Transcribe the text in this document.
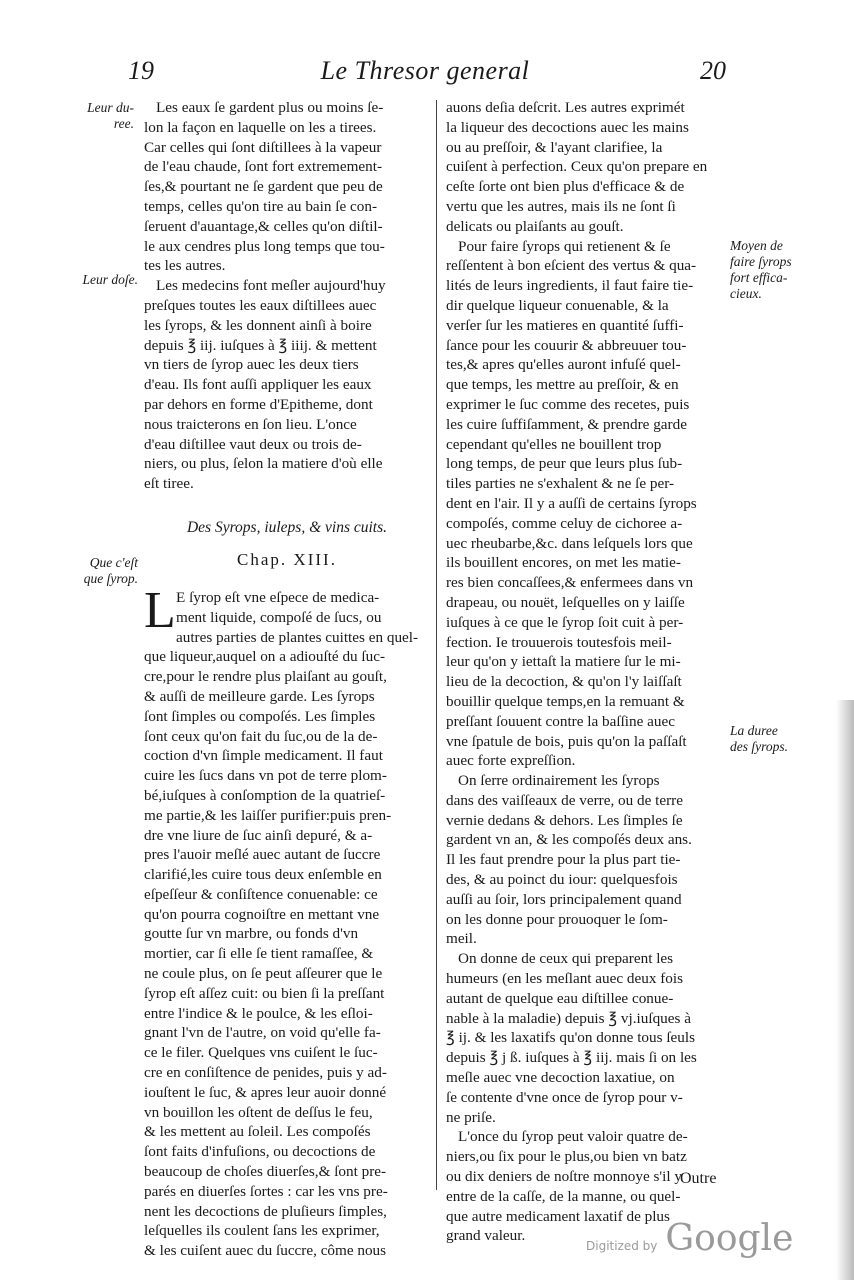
19	Le Thresor general	20
Les eaux ſe gardent plus ou moins ſe-
lon la façon en laquelle on les a tirees.
Car celles qui ſont diſtillees à la vapeur
de l'eau chaude, ſont fort extremement-
ſes,& pourtant ne ſe gardent que peu de
temps, celles qu'on tire au bain ſe con-
ſeruent d'auantage,& celles qu'on diſtil-
le aux cendres plus long temps que tou-
tes les autres.
Les medecins font meſler aujourd'huy
preſques toutes les eaux diſtillees auec
les ſyrops, & les donnent ainſi à boire
depuis ℥ iij. iuſques à ℥ iiij. & mettent
vn tiers de ſyrop auec les deux tiers
d'eau. Ils font auſſi appliquer les eaux
par dehors en forme d'Epitheme, dont
nous traicterons en ſon lieu. L'once
d'eau diſtillee vaut deux ou trois de-
niers, ou plus, ſelon la matiere d'où elle
eſt tiree.
Des Syrops, iuleps, & vins cuits.
Chap. XIII.
L E ſyrop eſt vne eſpece de medica-
ment liquide, compoſé de ſucs, ou
autres parties de plantes cuittes en quel-
que liqueur,auquel on a adiouſté du ſuc-
cre,pour le rendre plus plaiſant au gouſt,
& auſſi de meilleure garde. Les ſyrops
ſont ſimples ou compoſés. Les ſimples
ſont ceux qu'on fait du ſuc,ou de la de-
coction d'vn ſimple medicament. Il faut
cuire les ſucs dans vn pot de terre plom-
bé,iuſques à conſomption de la quatrieſ-
me partie,& les laiſſer purifier:puis pren-
dre vne liure de ſuc ainſi depuré, & a-
pres l'auoir meſlé auec autant de ſuccre
clarifié,les cuire tous deux enſemble en
eſpeſſeur & conſiſtence conuenable: ce
qu'on pourra cognoiſtre en mettant vne
goutte ſur vn marbre, ou fonds d'vn
mortier, car ſi elle ſe tient ramaſſee, &
ne coule plus, on ſe peut aſſeurer que le
ſyrop eſt aſſez cuit: ou bien ſi la preſſant
entre l'indice & le poulce, & les eſloi-
gnant l'vn de l'autre, on void qu'elle fa-
ce le filer. Quelques vns cuiſent le ſuc-
cre en conſiſtence de penides, puis y ad-
iouſtent le ſuc, & apres leur auoir donné
vn bouillon les oſtent de deſſus le feu,
& les mettent au ſoleil. Les compoſés
ſont faits d'infuſions, ou decoctions de
beaucoup de choſes diuerſes,& ſont pre-
parés en diuerſes ſortes : car les vns pre-
nent les decoctions de pluſieurs ſimples,
leſquelles ils coulent ſans les exprimer,
& les cuiſent auec du ſuccre, côme nous
auons deſia deſcrit. Les autres exprimét
la liqueur des decoctions auec les mains
ou au preſſoir, & l'ayant clarifiee, la
cuiſent à perfection. Ceux qu'on prepare en
ceſte ſorte ont bien plus d'efficace & de
vertu que les autres, mais ils ne ſont ſi
delicats ou plaiſants au gouſt.
Pour faire ſyrops qui retienent & ſe
reſſentent à bon eſcient des vertus & qua-
lités de leurs ingredients, il faut faire tie-
dir quelque liqueur conuenable, & la
verſer ſur les matieres en quantité ſuffi-
ſance pour les couurir & abbreuuer tou-
tes,& apres qu'elles auront infuſé quel-
que temps, les mettre au preſſoir, & en
exprimer le ſuc comme des recetes, puis
les cuire ſuffiſamment, & prendre garde
cependant qu'elles ne bouillent trop
long temps, de peur que leurs plus ſub-
tiles parties ne s'exhalent & ne ſe per-
dent en l'air. Il y a auſſi de certains ſyrops
compoſés, comme celuy de cichoree a-
uec rheubarbe,&c. dans leſquels lors que
ils bouillent encores, on met les matie-
res bien concaſſees,& enfermees dans vn
drapeau, ou nouët, leſquelles on y laiſſe
iuſques à ce que le ſyrop ſoit cuit à per-
fection. Ie trouuerois toutesfois meil-
leur qu'on y iettaſt la matiere ſur le mi-
lieu de la decoction, & qu'on l'y laiſſaſt
bouillir quelque temps,en la remuant &
preſſant ſouuent contre la baſſine auec
vne ſpatule de bois, puis qu'on la paſſaſt
auec forte expreſſion.
On ſerre ordinairement les ſyrops
dans des vaiſſeaux de verre, ou de terre
vernie dedans & dehors. Les ſimples ſe
gardent vn an, & les compoſés deux ans.
Il les faut prendre pour la plus part tie-
des, & au poinct du iour: quelquesfois
auſſi au ſoir, lors principalement quand
on les donne pour prouoquer le ſom-
meil.
On donne de ceux qui preparent les
humeurs (en les meſlant auec deux fois
autant de quelque eau diſtillee conue-
nable à la maladie) depuis ℥ vj.iuſques à
℥ ij. & les laxatifs qu'on donne tous ſeuls
depuis ℥ j ß. iuſques à ℥ iij. mais ſi on les
meſle auec vne decoction laxatiue, on
ſe contente d'vne once de ſyrop pour v-
ne priſe.
L'once du ſyrop peut valoir quatre de-
niers,ou ſix pour le plus,ou bien vn batz
ou dix deniers de noſtre monnoye s'il y
entre de la caſſe, de la manne, ou quel-
que autre medicament laxatif de plus
grand valeur.
Leur du-
ree.
Leur doſe.
Que c'eſt
que ſyrop.
Moyen de
faire ſyrops
fort effica-
cieux.
La duree
des ſyrops.
Outre
Digitized by Google
